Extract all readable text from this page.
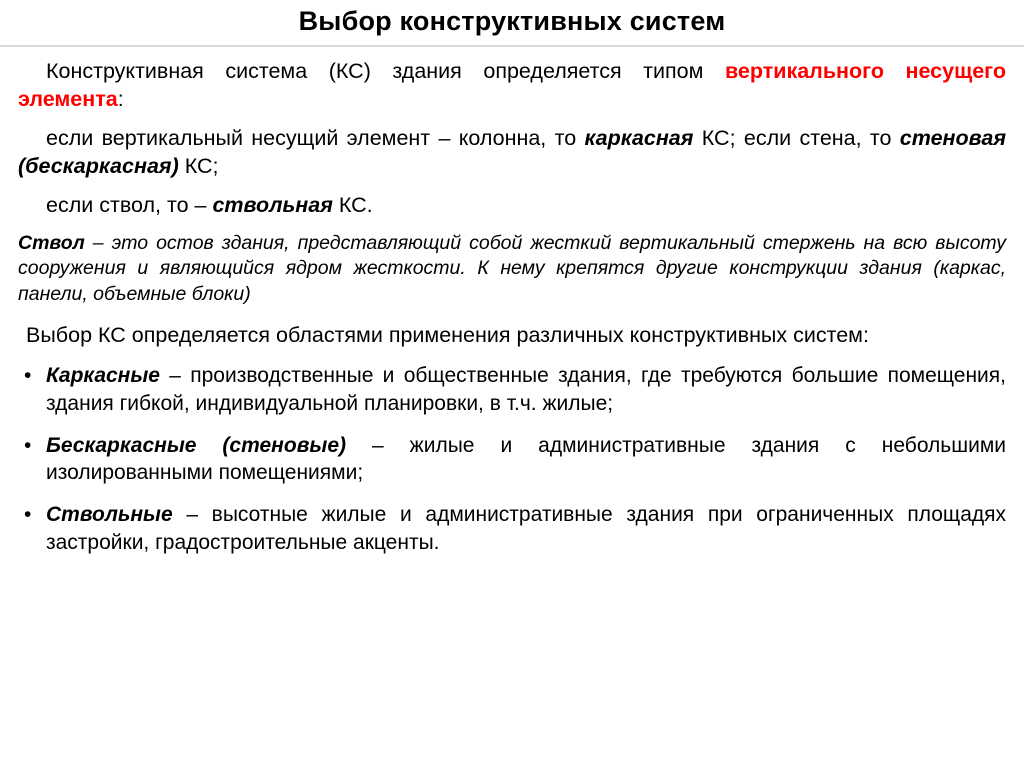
Выбор конструктивных систем

Конструктивная система (КС) здания определяется типом вертикального несущего элемента:

если вертикальный несущий элемент – колонна, то каркасная КС; если стена, то стеновая (бескаркасная) КС;

если ствол, то – ствольная КС.

Ствол – это остов здания, представляющий собой жесткий вертикальный стержень на всю высоту сооружения и являющийся ядром жесткости. К нему крепятся другие конструкции здания (каркас, панели, объемные блоки)

Выбор КС определяется областями применения различных конструктивных систем:

• Каркасные – производственные и общественные здания, где требуются большие помещения, здания гибкой, индивидуальной планировки, в т.ч. жилые;
• Бескаркасные (стеновые) – жилые и административные здания с небольшими изолированными помещениями;
• Ствольные – высотные жилые и административные здания при ограниченных площадях застройки, градостроительные акценты.
